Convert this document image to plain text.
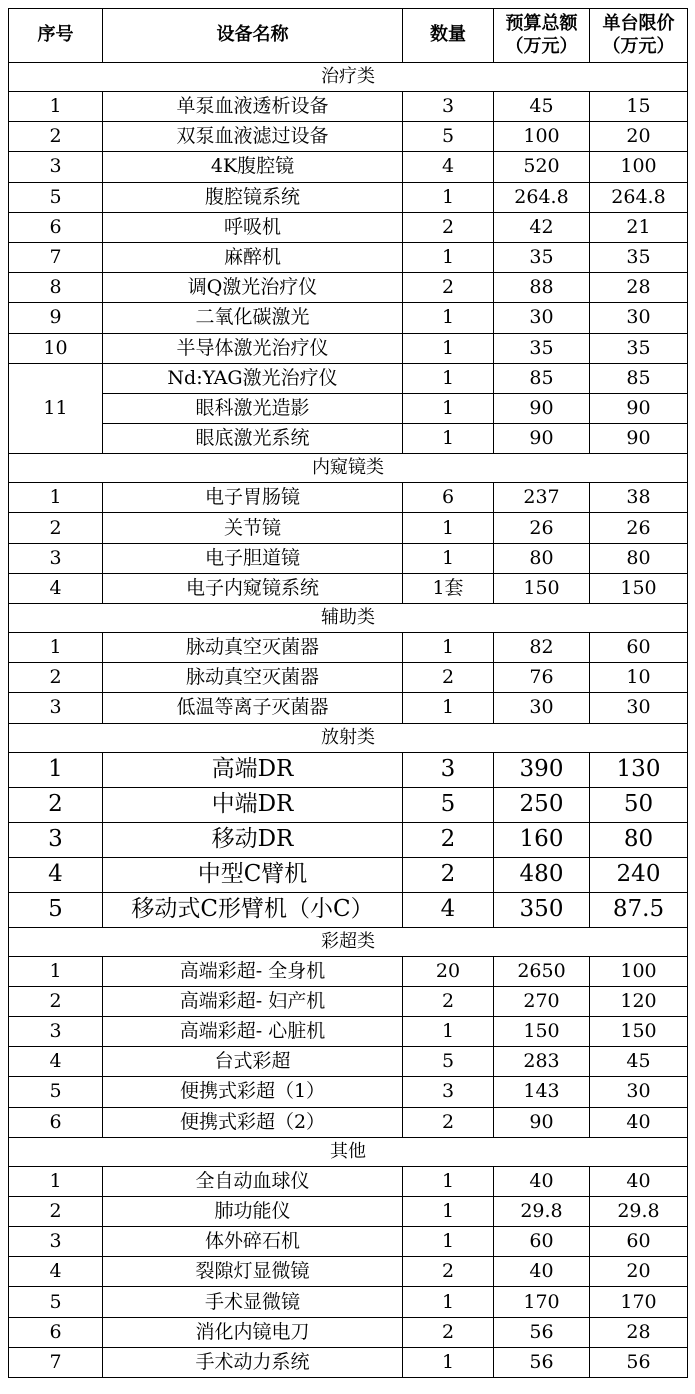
序号	设备名称	数量	预算总额（万元）	单台限价（万元）
治疗类				
1	单泵血液透析设备	3	45	15
2	双泵血液滤过设备	5	100	20
3	4K腹腔镜	4	520	100
5	腹腔镜系统	1	264.8	264.8
6	呼吸机	2	42	21
7	麻醉机	1	35	35
8	调Q激光治疗仪	2	88	28
9	二氧化碳激光	1	30	30
10	半导体激光治疗仪	1	35	35
11	Nd:YAG激光治疗仪	1	85	85
	眼科激光造影	1	90	90
	眼底激光系统	1	90	90
内窥镜类				
1	电子胃肠镜	6	237	38
2	关节镜	1	26	26
3	电子胆道镜	1	80	80
4	电子内窥镜系统	1套	150	150
辅助类				
1	脉动真空灭菌器	1	82	60
2	脉动真空灭菌器	2	76	10
3	低温等离子灭菌器	1	30	30
放射类				
1	高端DR	3	390	130
2	中端DR	5	250	50
3	移动DR	2	160	80
4	中型C臂机	2	480	240
5	移动式C形臂机（小C）	4	350	87.5
彩超类				
1	高端彩超- 全身机	20	2650	100
2	高端彩超- 妇产机	2	270	120
3	高端彩超- 心脏机	1	150	150
4	台式彩超	5	283	45
5	便携式彩超（1）	3	143	30
6	便携式彩超（2）	2	90	40
其他				
1	全自动血球仪	1	40	40
2	肺功能仪	1	29.8	29.8
3	体外碎石机	1	60	60
4	裂隙灯显微镜	2	40	20
5	手术显微镜	1	170	170
6	消化内镜电刀	2	56	28
7	手术动力系统	1	56	56
